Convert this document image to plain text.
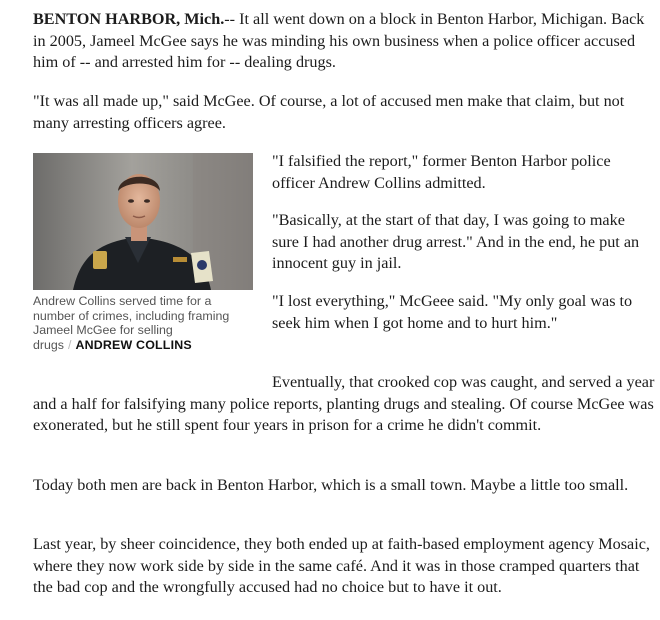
BENTON HARBOR, Mich.-- It all went down on a block in Benton Harbor, Michigan. Back in 2005, Jameel McGee says he was minding his own business when a police officer accused him of -- and arrested him for -- dealing drugs.

"It was all made up," said McGee. Of course, a lot of accused men make that claim, but not many arresting officers agree.

Andrew Collins served time for a number of crimes, including framing Jameel McGee for selling drugs / ANDREW COLLINS

"I falsified the report," former Benton Harbor police officer Andrew Collins admitted.

"Basically, at the start of that day, I was going to make sure I had another drug arrest." And in the end, he put an innocent guy in jail.

"I lost everything," McGeee said. "My only goal was to seek him when I got home and to hurt him."

Eventually, that crooked cop was caught, and served a year and a half for falsifying many police reports, planting drugs and stealing. Of course McGee was exonerated, but he still spent four years in prison for a crime he didn't commit.

Today both men are back in Benton Harbor, which is a small town. Maybe a little too small.

Last year, by sheer coincidence, they both ended up at faith-based employment agency Mosaic, where they now work side by side in the same café. And it was in those cramped quarters that the bad cop and the wrongfully accused had no choice but to have it out.
